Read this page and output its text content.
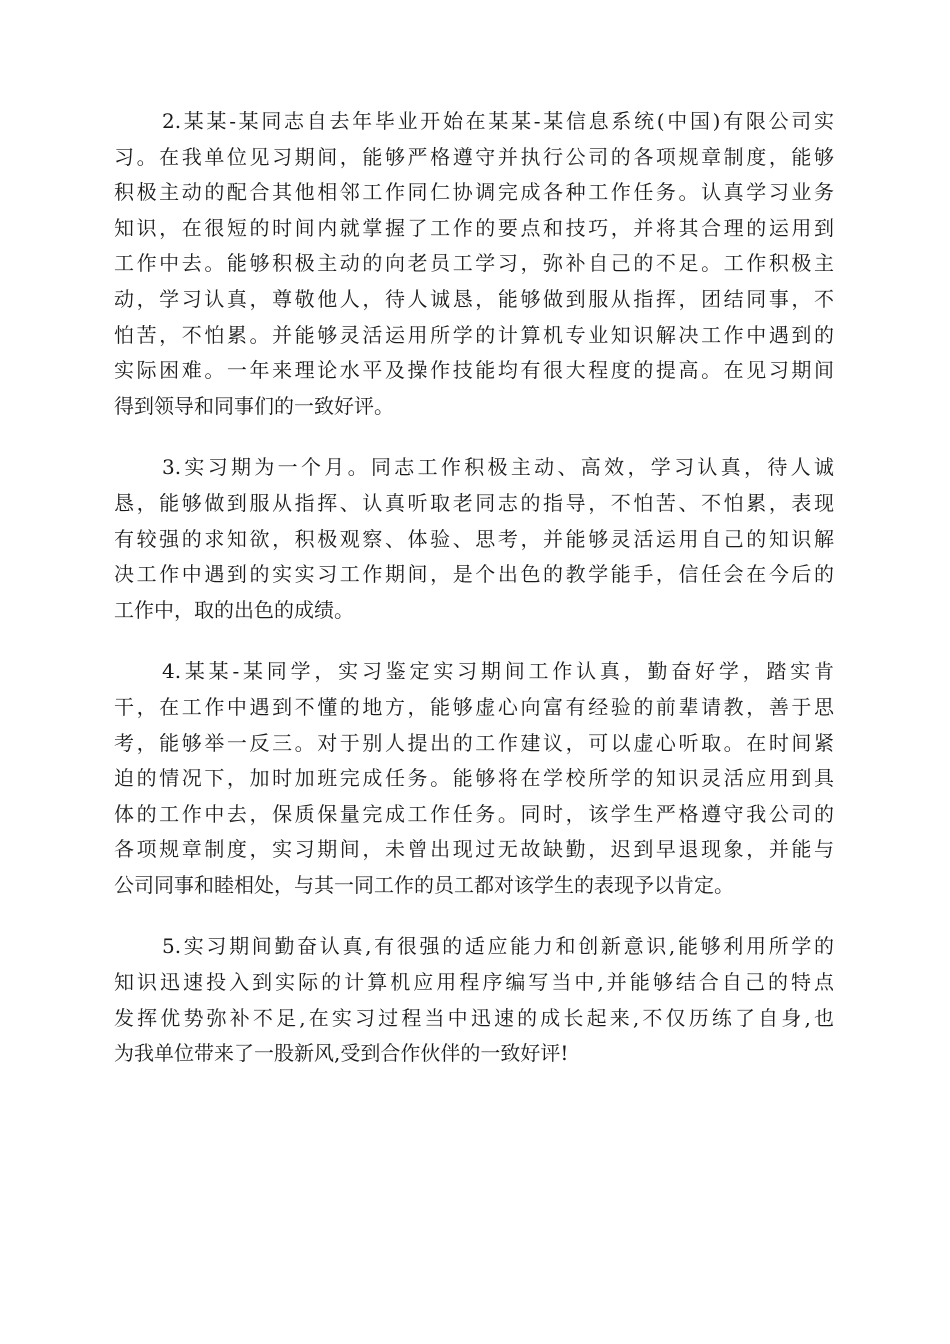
2.某某-某同志自去年毕业开始在某某-某信息系统(中国)有限公司实
习。在我单位见习期间，能够严格遵守并执行公司的各项规章制度，能够
积极主动的配合其他相邻工作同仁协调完成各种工作任务。认真学习业务
知识，在很短的时间内就掌握了工作的要点和技巧，并将其合理的运用到
工作中去。能够积极主动的向老员工学习，弥补自己的不足。工作积极主
动，学习认真，尊敬他人，待人诚恳，能够做到服从指挥，团结同事，不
怕苦，不怕累。并能够灵活运用所学的计算机专业知识解决工作中遇到的
实际困难。一年来理论水平及操作技能均有很大程度的提高。在见习期间
得到领导和同事们的一致好评。

3.实习期为一个月。同志工作积极主动、高效，学习认真，待人诚
恳，能够做到服从指挥、认真听取老同志的指导，不怕苦、不怕累，表现
有较强的求知欲，积极观察、体验、思考，并能够灵活运用自己的知识解
决工作中遇到的实实习工作期间，是个出色的教学能手，信任会在今后的
工作中，取的出色的成绩。

4.某某-某同学，实习鉴定实习期间工作认真，勤奋好学，踏实肯
干，在工作中遇到不懂的地方，能够虚心向富有经验的前辈请教，善于思
考，能够举一反三。对于别人提出的工作建议，可以虚心听取。在时间紧
迫的情况下，加时加班完成任务。能够将在学校所学的知识灵活应用到具
体的工作中去，保质保量完成工作任务。同时，该学生严格遵守我公司的
各项规章制度，实习期间，未曾出现过无故缺勤，迟到早退现象，并能与
公司同事和睦相处，与其一同工作的员工都对该学生的表现予以肯定。

5.实习期间勤奋认真,有很强的适应能力和创新意识,能够利用所学的
知识迅速投入到实际的计算机应用程序编写当中,并能够结合自己的特点
发挥优势弥补不足,在实习过程当中迅速的成长起来,不仅历练了自身,也
为我单位带来了一股新风,受到合作伙伴的一致好评!
